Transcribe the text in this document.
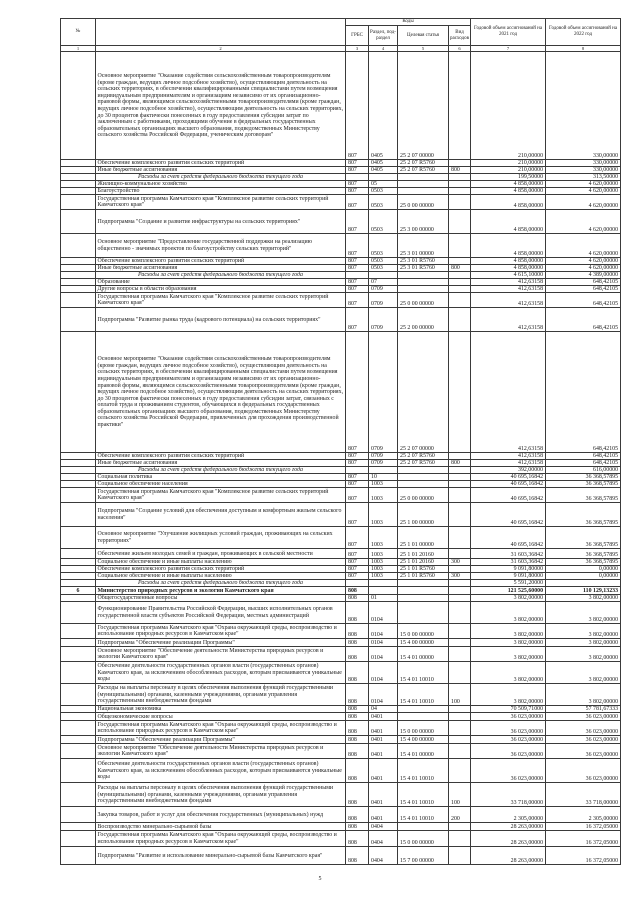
№		Коды				Годовой объем ассигнований на 2021 год	Годовой объем ассигнований на 2022 год
		ГРБС	Раздел, под-раздел	Целевая статья	Вид расходов		
1	2	3	4	5	6	7	8

	Основное мероприятие "Оказание содействия сельскохозяйственным товаропроизводителям (кроме граждан, ведущих личное подсобное хозяйство), осуществляющим деятельность на сельских территориях, в обеспечении квалифицированными специалистами путем возмещения индивидуальным предпринимателям и организациям независимо от их организационно-правовой формы, являющимся сельскохозяйственными товаропроизводителями (кроме граждан, ведущих личное подсобное хозяйство), осуществляющим деятельность на сельских территориях, до 30 процентов фактически понесенных в году предоставления субсидии затрат по заключенным с работниками, проходящими обучение в федеральных государственных образовательных организациях высшего образования, подведомственных Министерству сельского хозяйства Российской Федерации, ученическим договорам"	807	0405	25 2 07 00000		210,00000	330,00000

	Обеспечение комплексного развития сельских территорий	807	0405	25 2 07 R5760		210,00000	330,00000

	Иные бюджетные ассигнования	807	0405	25 2 07 R5760	800	210,00000	330,00000

	Расходы за счет средств федерального бюджета текущего года					199,50000	313,50000

	Жилищно-коммунальное хозяйство	807	05			4 858,00000	4 620,00000

	Благоустройство	807	0503			4 858,00000	4 620,00000

	Государственная программа Камчатского края "Комплексное развитие сельских территорий Камчатского края"	807	0503	25 0 00 00000		4 858,00000	4 620,00000

	Подпрограмма "Создание и развитие инфраструктуры на сельских территориях"	807	0503	25 3 00 00000		4 858,00000	4 620,00000

	Основное мероприятие "Предоставление государственной поддержки на реализацию общественно - значимых проектов по благоустройству сельских территорий"	807	0503	25 3 01 00000		4 858,00000	4 620,00000

	Обеспечение комплексного развития сельских территорий	807	0503	25 3 01 R5760		4 858,00000	4 620,00000

	Иные бюджетные ассигнования	807	0503	25 3 01 R5760	800	4 858,00000	4 620,00000

	Расходы за счет средств федерального бюджета текущего года					4 615,10000	4 389,00000

	Образование	807	07			412,63158	648,42105

	Другие вопросы в области образования	807	0709			412,63158	648,42105

	Государственная программа Камчатского края "Комплексное развитие сельских территорий Камчатского края"	807	0709	25 0 00 00000		412,63158	648,42105

	Подпрограмма "Развитие рынка труда (кадрового потенциала) на сельских территориях"	807	0709	25 2 00 00000		412,63158	648,42105

	Основное мероприятие "Оказание содействия сельскохозяйственным товаропроизводителям (кроме граждан, ведущих личное подсобное хозяйство), осуществляющим деятельность на сельских территориях, в обеспечении квалифицированными специалистами путем возмещения индивидуальным предпринимателям и организациям независимо от их организационно-правовой формы, являющимся сельскохозяйственными товаропроизводителями (кроме граждан, ведущих личное подсобное хозяйство), осуществляющим деятельность на сельских территориях, до 30 процентов фактически понесенных в году предоставления субсидии затрат, связанных с оплатой труда и проживанием студентов, обучающихся в федеральных государственных образовательных организациях высшего образования, подведомственных Министерству сельского хозяйства Российской Федерации, привлеченных для прохождения производственной практики"	807	0709	25 2 07 00000		412,63158	648,42105

	Обеспечение комплексного развития сельских территорий	807	0709	25 2 07 R5760		412,63158	648,42105

	Иные бюджетные ассигнования	807	0709	25 2 07 R5760	800	412,63158	648,42105

	Расходы за счет средств федерального бюджета текущего года					392,00000	616,00000

	Социальная политика	807	10			40 695,16842	36 368,57895

	Социальное обеспечение населения	807	1003			40 695,16842	36 368,57895

	Государственная программа Камчатского края "Комплексное развитие сельских территорий Камчатского края"	807	1003	25 0 00 00000		40 695,16842	36 368,57895

	Подпрограмма "Создание условий для обеспечения доступным и комфортным жильем сельского населения"	807	1003	25 1 00 00000		40 695,16842	36 368,57895

	Основное мероприятие "Улучшение жилищных условий граждан, проживающих на сельских территориях"	807	1003	25 1 01 00000		40 695,16842	36 368,57895

	Обеспечение жильем молодых семей и граждан, проживающих в сельской местности	807	1003	25 1 01 20160		31 603,36842	36 368,57895

	Социальное обеспечение и иные выплаты населению	807	1003	25 1 01 20160	300	31 603,36842	36 368,57895

	Обеспечение комплексного развития сельских территорий	807	1003	25 1 01 R5760		9 091,80000	0,00000

	Социальное обеспечение и иные выплаты населению	807	1003	25 1 01 R5760	300	9 091,80000	0,00000

	Расходы за счет средств федерального бюджета текущего года					5 591,20000	

6	Министерство природных ресурсов и экологии Камчатского края	808				121 525,60000	110 129,13233

	Общегосударственные вопросы	808	01			3 802,00000	3 802,00000

	Функционирование Правительства Российской Федерации, высших исполнительных органов государственной власти субъектов Российской Федерации, местных администраций	808	0104			3 802,00000	3 802,00000

	Государственная программа Камчатского края "Охрана окружающей среды, воспроизводство и использование природных ресурсов в Камчатском крае"	808	0104	15 0 00 00000		3 802,00000	3 802,00000

	Подпрограмма "Обеспечение реализации Программы"	808	0104	15 4 00 00000		3 802,00000	3 802,00000

	Основное мероприятие "Обеспечение деятельности Министерства природных ресурсов и экологии Камчатского края"	808	0104	15 4 01 00000		3 802,00000	3 802,00000

	Обеспечение деятельности государственных органов власти (государственных органов) Камчатского края, за исключением обособленных расходов, которым присваиваются уникальные коды	808	0104	15 4 01 10010		3 802,00000	3 802,00000

	Расходы на выплаты персоналу в целях обеспечения выполнения функций государственными (муниципальными) органами, казенными учреждениями, органами управления государственными внебюджетными фондами	808	0104	15 4 01 10010	100	3 802,00000	3 802,00000

	Национальная экономика	808	04			70 509,71000	57 781,67333

	Общеэкономические вопросы	808	0401			36 023,00000	36 023,00000

	Государственная программа Камчатского края "Охрана окружающей среды, воспроизводство и использование природных ресурсов в Камчатском крае"	808	0401	15 0 00 00000		36 023,00000	36 023,00000

	Подпрограмма "Обеспечение реализации Программы"	808	0401	15 4 00 00000		36 023,00000	36 023,00000

	Основное мероприятие "Обеспечение деятельности Министерства природных ресурсов и экологии Камчатского края"	808	0401	15 4 01 00000		36 023,00000	36 023,00000

	Обеспечение деятельности государственных органов власти (государственных органов) Камчатского края, за исключением обособленных расходов, которым присваиваются уникальные коды	808	0401	15 4 01 10010		36 023,00000	36 023,00000

	Расходы на выплаты персоналу в целях обеспечения выполнения функций государственными (муниципальными) органами, казенными учреждениями, органами управления государственными внебюджетными фондами	808	0401	15 4 01 10010	100	33 718,00000	33 718,00000

	Закупка товаров, работ и услуг для обеспечения государственных (муниципальных) нужд	808	0401	15 4 01 10010	200	2 305,00000	2 305,00000

	Воспроизводство минерально-сырьевой базы	808	0404			28 263,00000	16 372,05000

	Государственная программа Камчатского края "Охрана окружающей среды, воспроизводство и использование природных ресурсов в Камчатском крае"	808	0404	15 0 00 00000		28 263,00000	16 372,05000

	Подпрограмма "Развитие и использование минерально-сырьевой базы Камчатского края"	808	0404	15 7 00 00000		28 263,00000	16 372,05000
5
